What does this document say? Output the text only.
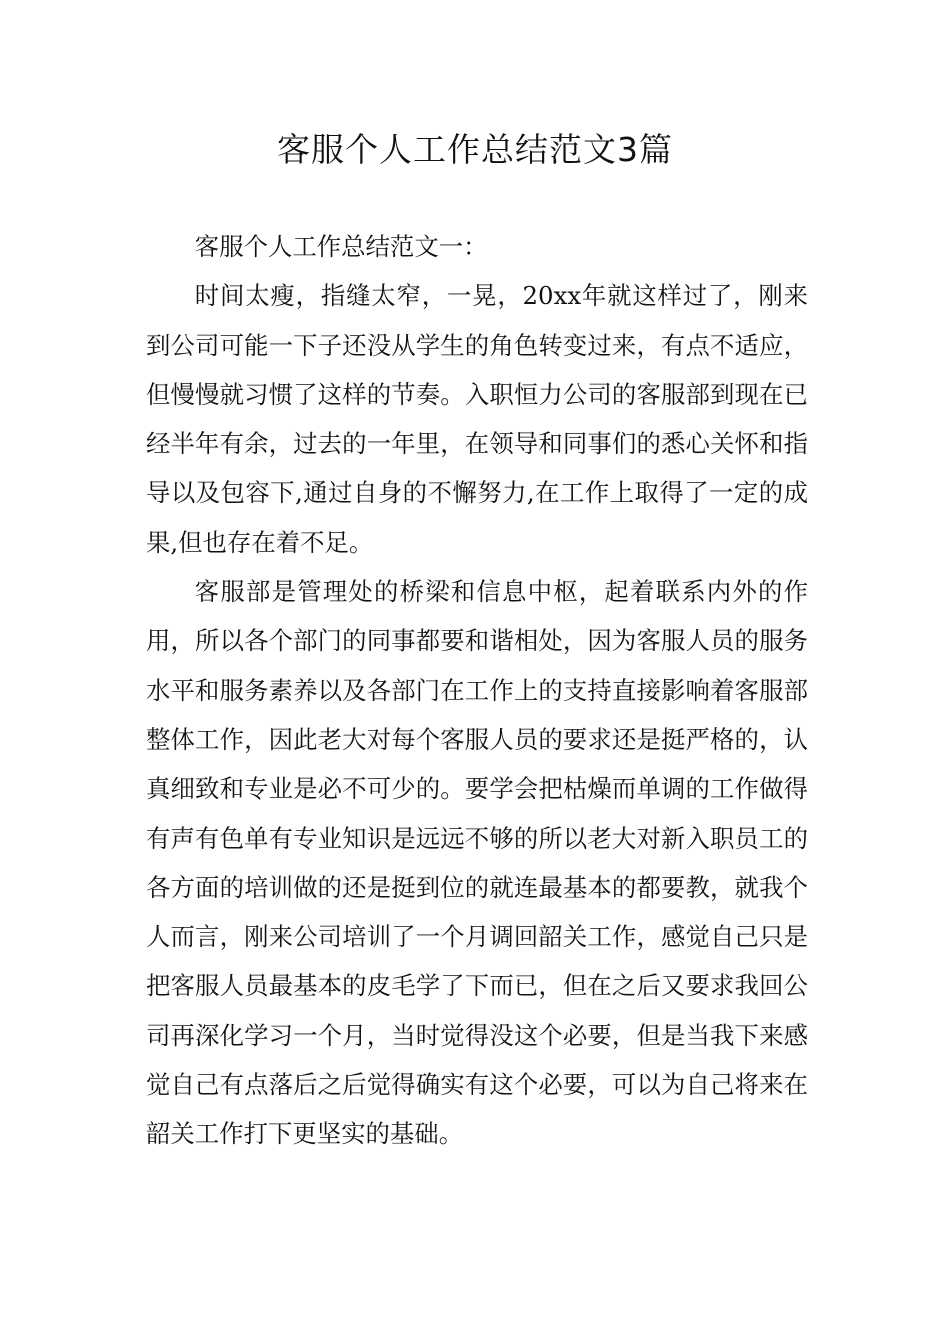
客服个人工作总结范文3篇

客服个人工作总结范文一：

时间太瘦，指缝太窄，一晃，20xx年就这样过了，刚来到公司可能一下子还没从学生的角色转变过来，有点不适应，但慢慢就习惯了这样的节奏。入职恒力公司的客服部到现在已经半年有余，过去的一年里，在领导和同事们的悉心关怀和指导以及包容下,通过自身的不懈努力,在工作上取得了一定的成果,但也存在着不足。

客服部是管理处的桥梁和信息中枢，起着联系内外的作用，所以各个部门的同事都要和谐相处，因为客服人员的服务水平和服务素养以及各部门在工作上的支持直接影响着客服部整体工作，因此老大对每个客服人员的要求还是挺严格的，认真细致和专业是必不可少的。要学会把枯燥而单调的工作做得有声有色单有专业知识是远远不够的所以老大对新入职员工的各方面的培训做的还是挺到位的就连最基本的都要教，就我个人而言，刚来公司培训了一个月调回韶关工作，感觉自己只是把客服人员最基本的皮毛学了下而已，但在之后又要求我回公司再深化学习一个月，当时觉得没这个必要，但是当我下来感觉自己有点落后之后觉得确实有这个必要，可以为自己将来在韶关工作打下更坚实的基础。
